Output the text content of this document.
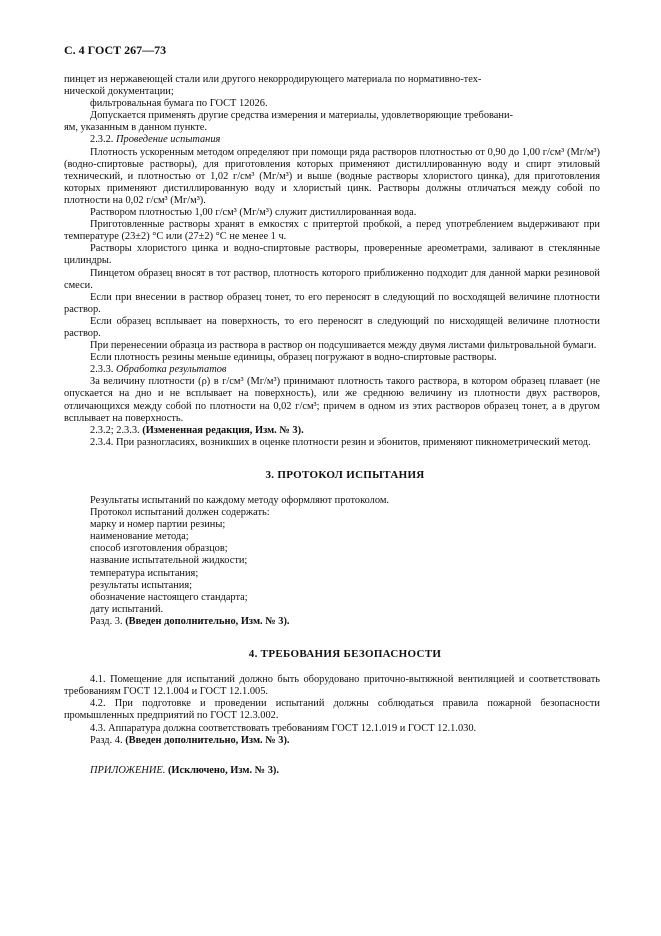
С. 4 ГОСТ 267—73

пинцет из нержавеющей стали или другого некорродирующего материала по нормативно-тех-

нической документации;

фильтровальная бумага по ГОСТ 12026.

Допускается применять другие средства измерения и материалы, удовлетворяющие требовани-

ям, указанным в данном пункте.

2.3.2. Проведение испытания

Плотность ускоренным методом определяют при помощи ряда растворов плотностью от 0,90 до 1,00 г/см³ (Мг/м³) (водно-спиртовые растворы), для приготовления которых применяют дистиллированную воду и спирт этиловый технический, и плотностью от 1,02 г/см³ (Мг/м³) и выше (водные растворы хлористого цинка), для приготовления которых применяют дистиллированную воду и хлористый цинк. Растворы должны отличаться между собой по плотности на 0,02 г/см³ (Мг/м³).

Раствором плотностью 1,00 г/см³ (Мг/м³) служит дистиллированная вода.

Приготовленные растворы хранят в емкостях с притертой пробкой, а перед употреблением выдерживают при температуре (23±2) °С или (27±2) °С не менее 1 ч.

Растворы хлористого цинка и водно-спиртовые растворы, проверенные ареометрами, заливают в стеклянные цилиндры.

Пинцетом образец вносят в тот раствор, плотность которого приближенно подходит для данной марки резиновой смеси.

Если при внесении в раствор образец тонет, то его переносят в следующий по восходящей величине плотности раствор.

Если образец всплывает на поверхность, то его переносят в следующий по нисходящей величине плотности раствор.

При перенесении образца из раствора в раствор он подсушивается между двумя листами фильтровальной бумаги.

Если плотность резины меньше единицы, образец погружают в водно-спиртовые растворы.

2.3.3. Обработка результатов

За величину плотности (ρ) в г/см³ (Мг/м³) принимают плотность такого раствора, в котором образец плавает (не опускается на дно и не всплывает на поверхность), или же среднюю величину из плотности двух растворов, отличающихся между собой по плотности на 0,02 г/см³; причем в одном из этих растворов образец тонет, а в другом всплывает на поверхность.

2.3.2; 2.3.3. (Измененная редакция, Изм. № 3).

2.3.4. При разногласиях, возникших в оценке плотности резин и эбонитов, применяют пикнометрический метод.

3. ПРОТОКОЛ ИСПЫТАНИЯ

Результаты испытаний по каждому методу оформляют протоколом.

Протокол испытаний должен содержать:

марку и номер партии резины;

наименование метода;

способ изготовления образцов;

название испытательной жидкости;

температура испытания;

результаты испытания;

обозначение настоящего стандарта;

дату испытаний.

Разд. 3. (Введен дополнительно, Изм. № 3).

4. ТРЕБОВАНИЯ БЕЗОПАСНОСТИ

4.1. Помещение для испытаний должно быть оборудовано приточно-вытяжной вентиляцией и соответствовать требованиям ГОСТ 12.1.004 и ГОСТ 12.1.005.

4.2. При подготовке и проведении испытаний должны соблюдаться правила пожарной безопасности промышленных предприятий по ГОСТ 12.3.002.

4.3. Аппаратура должна соответствовать требованиям ГОСТ 12.1.019 и ГОСТ 12.1.030.

Разд. 4. (Введен дополнительно, Изм. № 3).

ПРИЛОЖЕНИЕ. (Исключено, Изм. № 3).
